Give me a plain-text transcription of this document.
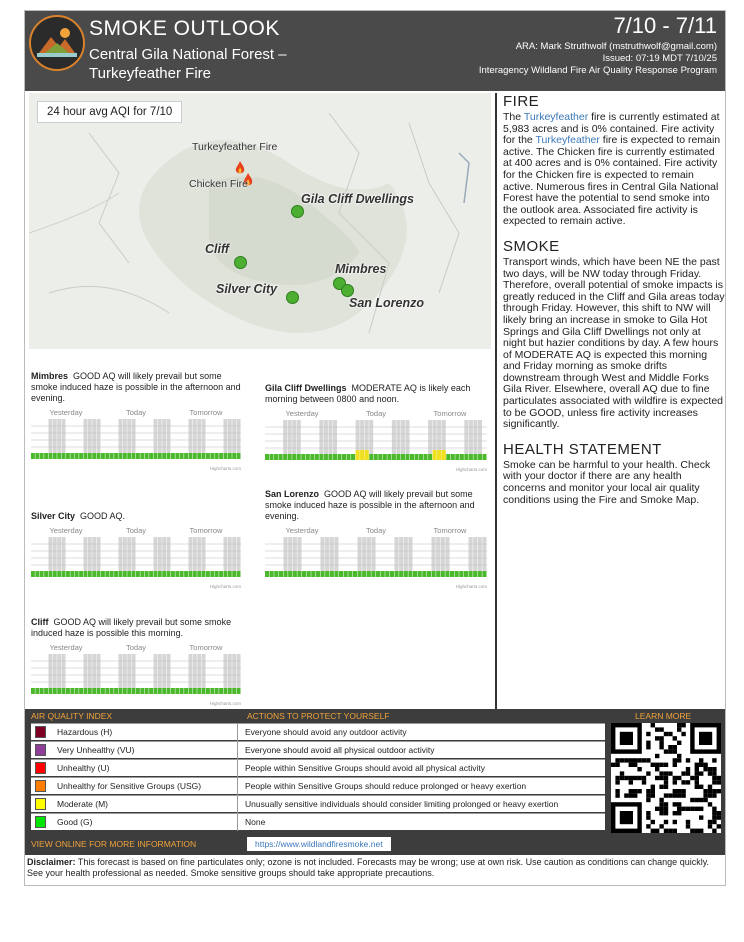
SMOKE OUTLOOK
Central Gila National Forest –
Turkeyfeather Fire
7/10 - 7/11
ARA: Mark Struthwolf (mstruthwolf@gmail.com)
Issued: 07:19 MDT 7/10/25
Interagency Wildland Fire Air Quality Response Program
24 hour avg AQI for 7/10
Turkeyfeather Fire
Chicken Fire
Gila Cliff Dwellings
Cliff
Mimbres
Silver City
San Lorenzo
FIRE
The Turkeyfeather fire is currently estimated at 5,983 acres and is 0% contained. Fire activity for the Turkeyfeather fire is expected to remain active. The Chicken fire is currently estimated at 400 acres and is 0% contained. Fire activity for the Chicken fire is expected to remain active. Numerous fires in Central Gila National Forest have the potential to send smoke into the outlook area. Associated fire activity is expected to remain active.
SMOKE
Transport winds, which have been NE the past two days, will be NW today through Friday. Therefore, overall potential of smoke impacts is greatly reduced in the Cliff and Gila areas today through Friday. However, this shift to NW will likely bring an increase in smoke to Gila Hot Springs and Gila Cliff Dwellings not only at night but hazier conditions by day. A few hours of MODERATE AQ is expected this morning and Friday morning as smoke drifts downstream through West and Middle Forks Gila River. Elsewhere, overall AQ due to fine particulates associated with wildfire is expected to be GOOD, unless fire activity increases significantly.
HEALTH STATEMENT
Smoke can be harmful to your health. Check with your doctor if there are any health concerns and monitor your local air quality conditions using the Fire and Smoke Map.
Mimbres GOOD AQ will likely prevail but some smoke induced haze is possible in the afternoon and evening.
Yesterday	Today	Tomorrow
Highcharts.com
Gila Cliff Dwellings MODERATE AQ is likely each morning between 0800 and noon.
Yesterday	Today	Tomorrow
Highcharts.com
Silver City GOOD AQ.
Yesterday	Today	Tomorrow
Highcharts.com
San Lorenzo GOOD AQ will likely prevail but some smoke induced haze is possible in the afternoon and evening.
Yesterday	Today	Tomorrow
Highcharts.com
Cliff GOOD AQ will likely prevail but some smoke induced haze is possible this morning.
Yesterday	Today	Tomorrow
Highcharts.com
AIR QUALITY INDEX	ACTIONS TO PROTECT YOURSELF	LEARN MORE
Hazardous (H)	Everyone should avoid any outdoor activity
Very Unhealthy (VU)	Everyone should avoid all physical outdoor activity
Unhealthy (U)	People within Sensitive Groups should avoid all physical activity
Unhealthy for Sensitive Groups (USG)	People within Sensitive Groups should reduce prolonged or heavy exertion
Moderate (M)	Unusually sensitive individuals should consider limiting prolonged or heavy exertion
Good (G)	None
VIEW ONLINE FOR MORE INFORMATION	https://www.wildlandfiresmoke.net
Disclaimer: This forecast is based on fine particulates only; ozone is not included. Forecasts may be wrong; use at own risk. Use caution as conditions can change quickly. See your health professional as needed. Smoke sensitive groups should take appropriate precautions.
